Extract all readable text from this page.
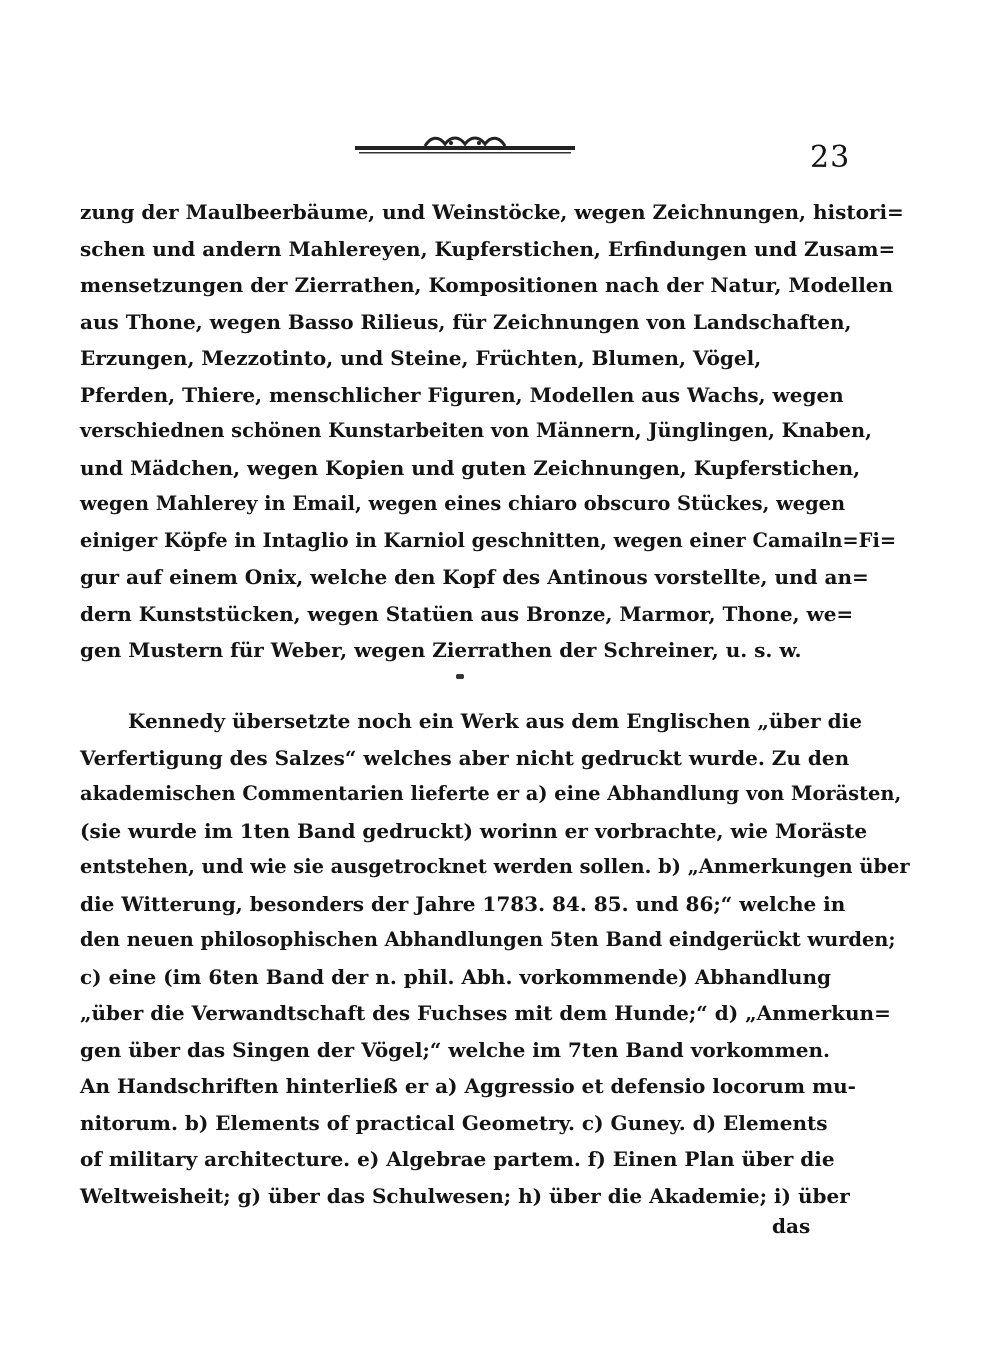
23
zung der Maulbeerbäume, und Weinstöcke, wegen Zeichnungen, histori=
schen und andern Mahlereyen, Kupferstichen, Erfindungen und Zusam=
mensetzungen der Zierrathen, Kompositionen nach der Natur, Modellen
aus Thone, wegen Basso Rilieus, für Zeichnungen von Landschaften,
Erzungen, Mezzotinto, und Steine, Früchten, Blumen, Vögel,
Pferden, Thiere, menschlicher Figuren, Modellen aus Wachs, wegen
verschiednen schönen Kunstarbeiten von Männern, Jünglingen, Knaben,
und Mädchen, wegen Kopien und guten Zeichnungen, Kupferstichen,
wegen Mahlerey in Email, wegen eines chiaro obscuro Stückes, wegen
einiger Köpfe in Intaglio in Karniol geschnitten, wegen einer Camailn=Fi=
gur auf einem Onix, welche den Kopf des Antinous vorstellte, und an=
dern Kunststücken, wegen Statüen aus Bronze, Marmor, Thone, we=
gen Mustern für Weber, wegen Zierrathen der Schreiner, u. s. w.
Kennedy übersetzte noch ein Werk aus dem Englischen „über die
Verfertigung des Salzes“ welches aber nicht gedruckt wurde. Zu den
akademischen Commentarien lieferte er a) eine Abhandlung von Morästen,
(sie wurde im 1ten Band gedruckt) worinn er vorbrachte, wie Moräste
entstehen, und wie sie ausgetrocknet werden sollen. b) „Anmerkungen über
die Witterung, besonders der Jahre 1783. 84. 85. und 86;“ welche in
den neuen philosophischen Abhandlungen 5ten Band eindgerückt wurden;
c) eine (im 6ten Band der n. phil. Abh. vorkommende) Abhandlung
„über die Verwandtschaft des Fuchses mit dem Hunde;“ d) „Anmerkun=
gen über das Singen der Vögel;“ welche im 7ten Band vorkommen.
An Handschriften hinterließ er a) Aggressio et defensio locorum mu-
nitorum. b) Elements of practical Geometry. c) Guney. d) Elements
of military architecture. e) Algebrae partem. f) Einen Plan über die
Weltweisheit; g) über das Schulwesen; h) über die Akademie; i) über
das
